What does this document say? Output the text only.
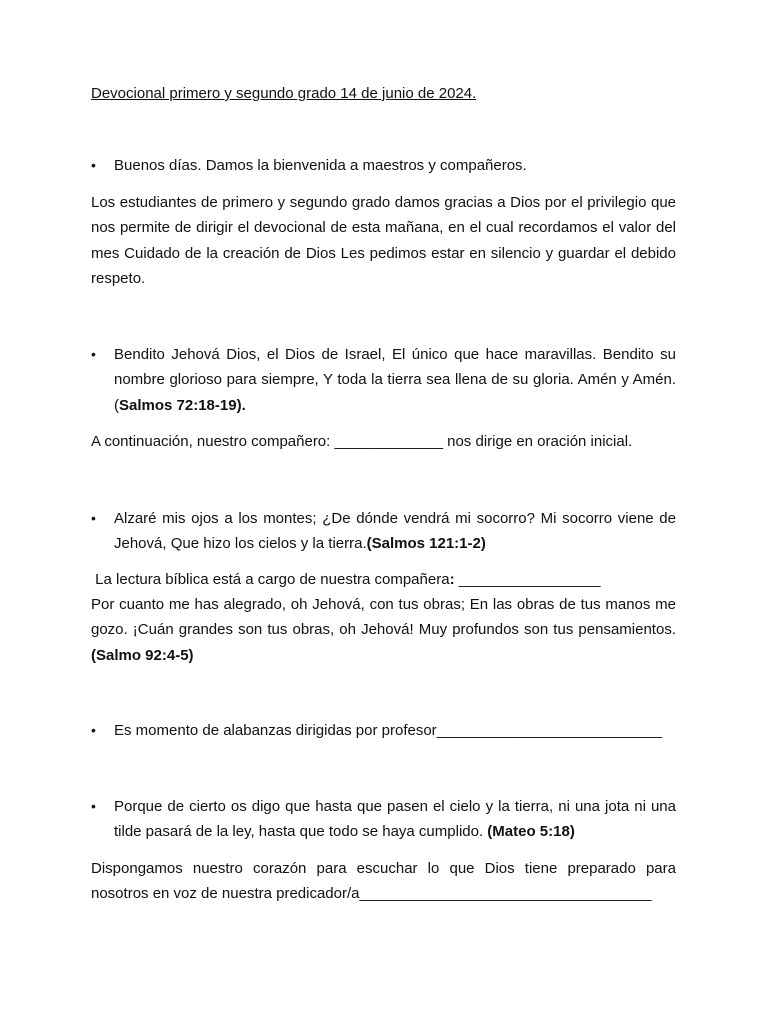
Devocional primero y segundo grado 14 de junio de 2024.

•	Buenos días. Damos la bienvenida a maestros y compañeros.

Los estudiantes de primero y segundo grado damos gracias a Dios por el privilegio que nos permite de dirigir el devocional de esta mañana, en el cual recordamos el valor del mes Cuidado de la creación de Dios Les pedimos estar en silencio y guardar el debido respeto.

•	Bendito Jehová Dios, el Dios de Israel, El único que hace maravillas. Bendito su nombre glorioso para siempre, Y toda la tierra sea llena de su gloria. Amén y Amén. (Salmos 72:18-19).

A continuación, nuestro compañero: _____________ nos dirige en oración inicial.

•	Alzaré mis ojos a los montes; ¿De dónde vendrá mi socorro? Mi socorro viene de Jehová, Que hizo los cielos y la tierra.(Salmos 121:1-2)

La lectura bíblica está a cargo de nuestra compañera: _________________

Por cuanto me has alegrado, oh Jehová, con tus obras; En las obras de tus manos me gozo. ¡Cuán grandes son tus obras, oh Jehová! Muy profundos son tus pensamientos. (Salmo 92:4-5)

•	Es momento de alabanzas dirigidas por profesor___________________________

•	Porque de cierto os digo que hasta que pasen el cielo y la tierra, ni una jota ni una tilde pasará de la ley, hasta que todo se haya cumplido. (Mateo 5:18)

Dispongamos nuestro corazón para escuchar lo que Dios tiene preparado para nosotros en voz de nuestra predicador/a___________________________________
